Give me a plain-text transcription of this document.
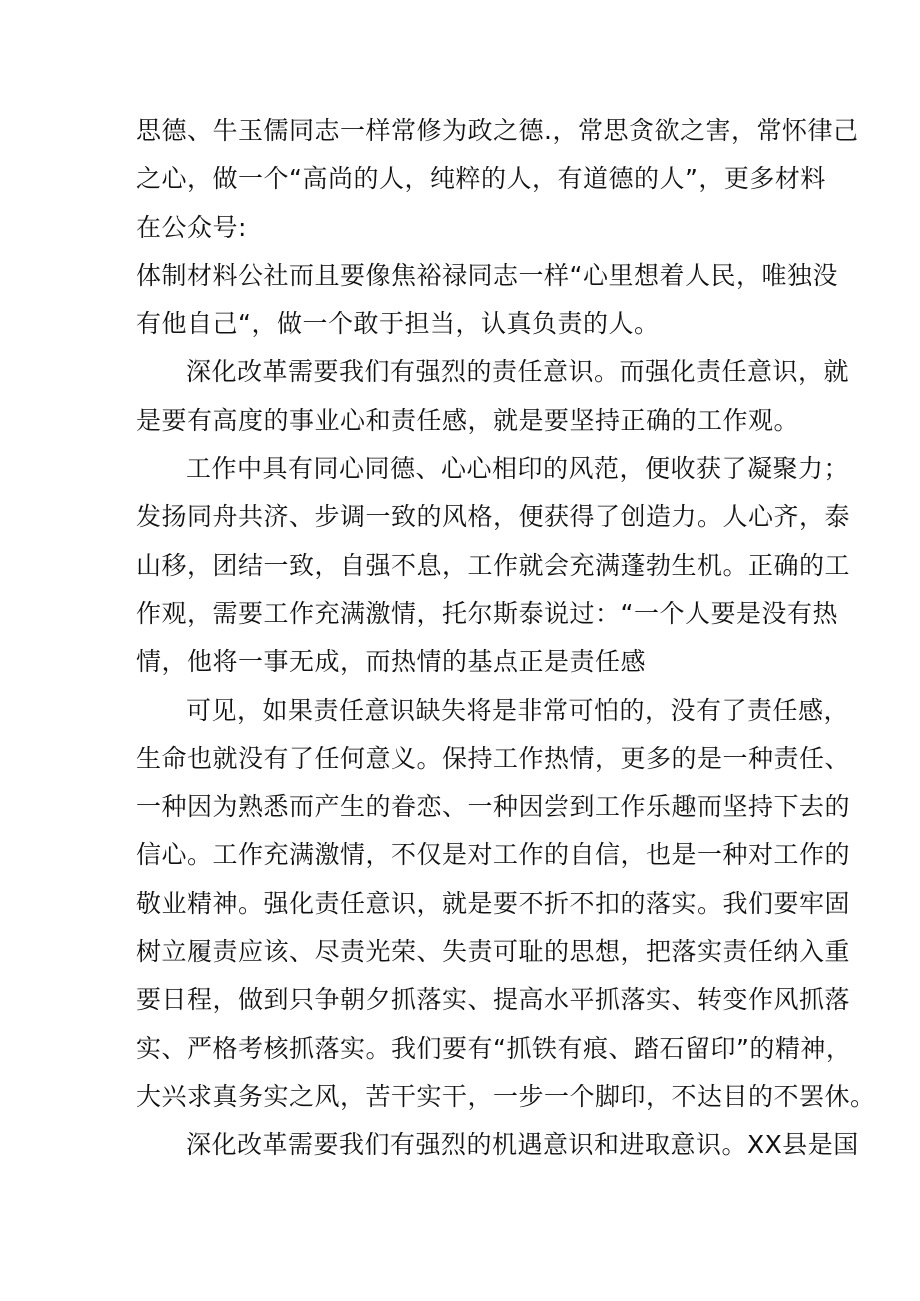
思德、牛玉儒同志一样常修为政之德.，常思贪欲之害，常怀律己
之心，做一个“高尚的人，纯粹的人，有道德的人”，更多材料
在公众号:
体制材料公社而且要像焦裕禄同志一样“心里想着人民，唯独没
有他自己“，做一个敢于担当，认真负责的人。
深化改革需要我们有强烈的责任意识。而强化责任意识，就
是要有高度的事业心和责任感，就是要坚持正确的工作观。
工作中具有同心同德、心心相印的风范，便收获了凝聚力；
发扬同舟共济、步调一致的风格，便获得了创造力。人心齐，泰
山移，团结一致，自强不息，工作就会充满蓬勃生机。正确的工
作观，需要工作充满激情，托尔斯泰说过：“一个人要是没有热
情，他将一事无成，而热情的基点正是责任感
可见，如果责任意识缺失将是非常可怕的，没有了责任感，
生命也就没有了任何意义。保持工作热情，更多的是一种责任、
一种因为熟悉而产生的眷恋、一种因尝到工作乐趣而坚持下去的
信心。工作充满激情，不仅是对工作的自信，也是一种对工作的
敬业精神。强化责任意识，就是要不折不扣的落实。我们要牢固
树立履责应该、尽责光荣、失责可耻的思想，把落实责任纳入重
要日程，做到只争朝夕抓落实、提高水平抓落实、转变作风抓落
实、严格考核抓落实。我们要有“抓铁有痕、踏石留印”的精神，
大兴求真务实之风，苦干实干，一步一个脚印，不达目的不罢休。
深化改革需要我们有强烈的机遇意识和进取意识。XX县是国
